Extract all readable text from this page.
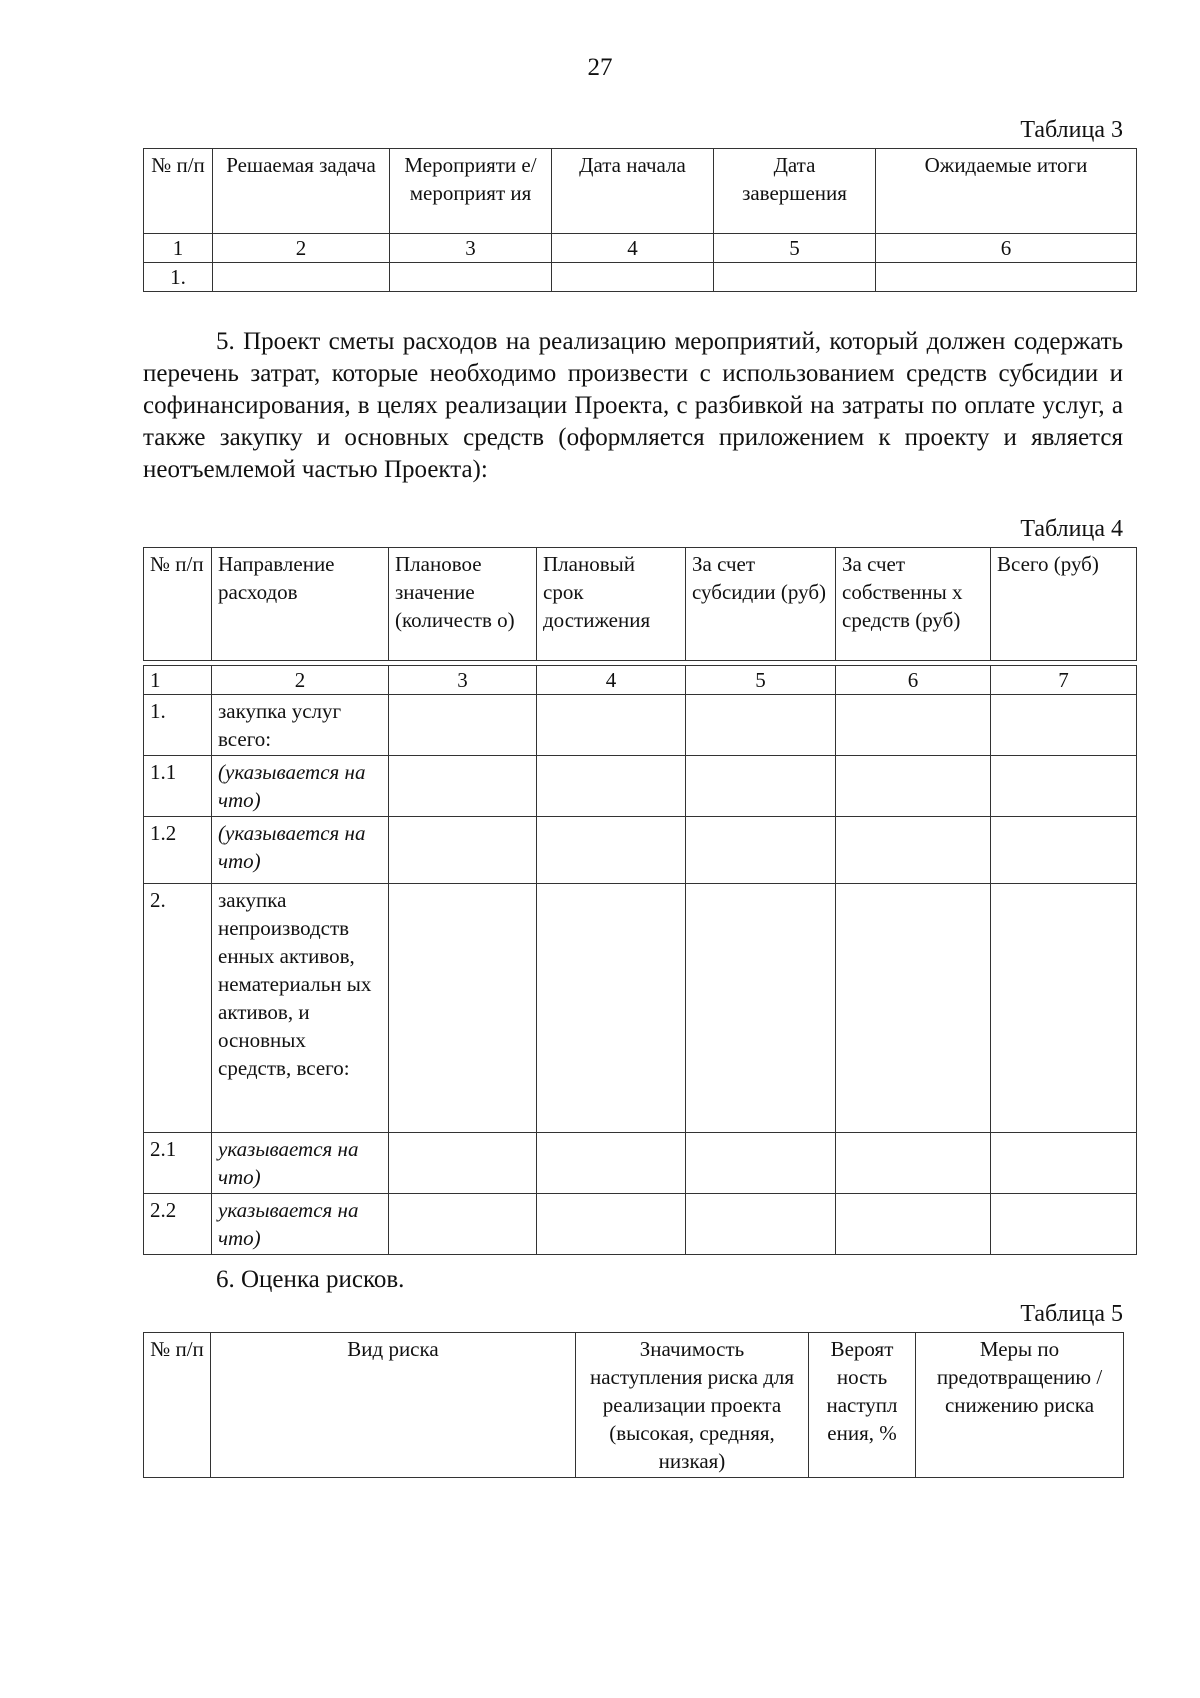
27
Таблица 3
№ п/п	Решаемая задача	Мероприяти е/мероприят ия	Дата начала	Дата завершения	Ожидаемые итоги
1	2	3	4	5	6
1.					
5. Проект сметы расходов на реализацию мероприятий, который должен содержать перечень затрат, которые необходимо произвести с использованием средств субсидии и софинансирования, в целях реализации Проекта, с разбивкой на затраты по оплате услуг, а также закупку и основных средств (оформляется приложением к проекту и является неотъемлемой частью Проекта):
Таблица 4
№ п/п	Направление расходов	Плановое значение (количеств о)	Плановый срок достижения	За счет субсидии (руб)	За счет собственны х средств (руб)	Всего (руб)

1	2	3	4	5	6	7
1.	закупка услуг всего:					
1.1	(указывается на что)					
1.2	(указывается на что)					
2.	закупка непроизводств енных активов, нематериальн ых активов, и основных средств, всего:					
2.1	указывается на что)					
2.2	указывается на что)					
6. Оценка рисков.
Таблица 5
№ п/п	Вид риска	Значимость наступления риска для реализации проекта (высокая, средняя, низкая)	Вероят ность наступл ения, %	Меры по предотвращению /снижению риска
